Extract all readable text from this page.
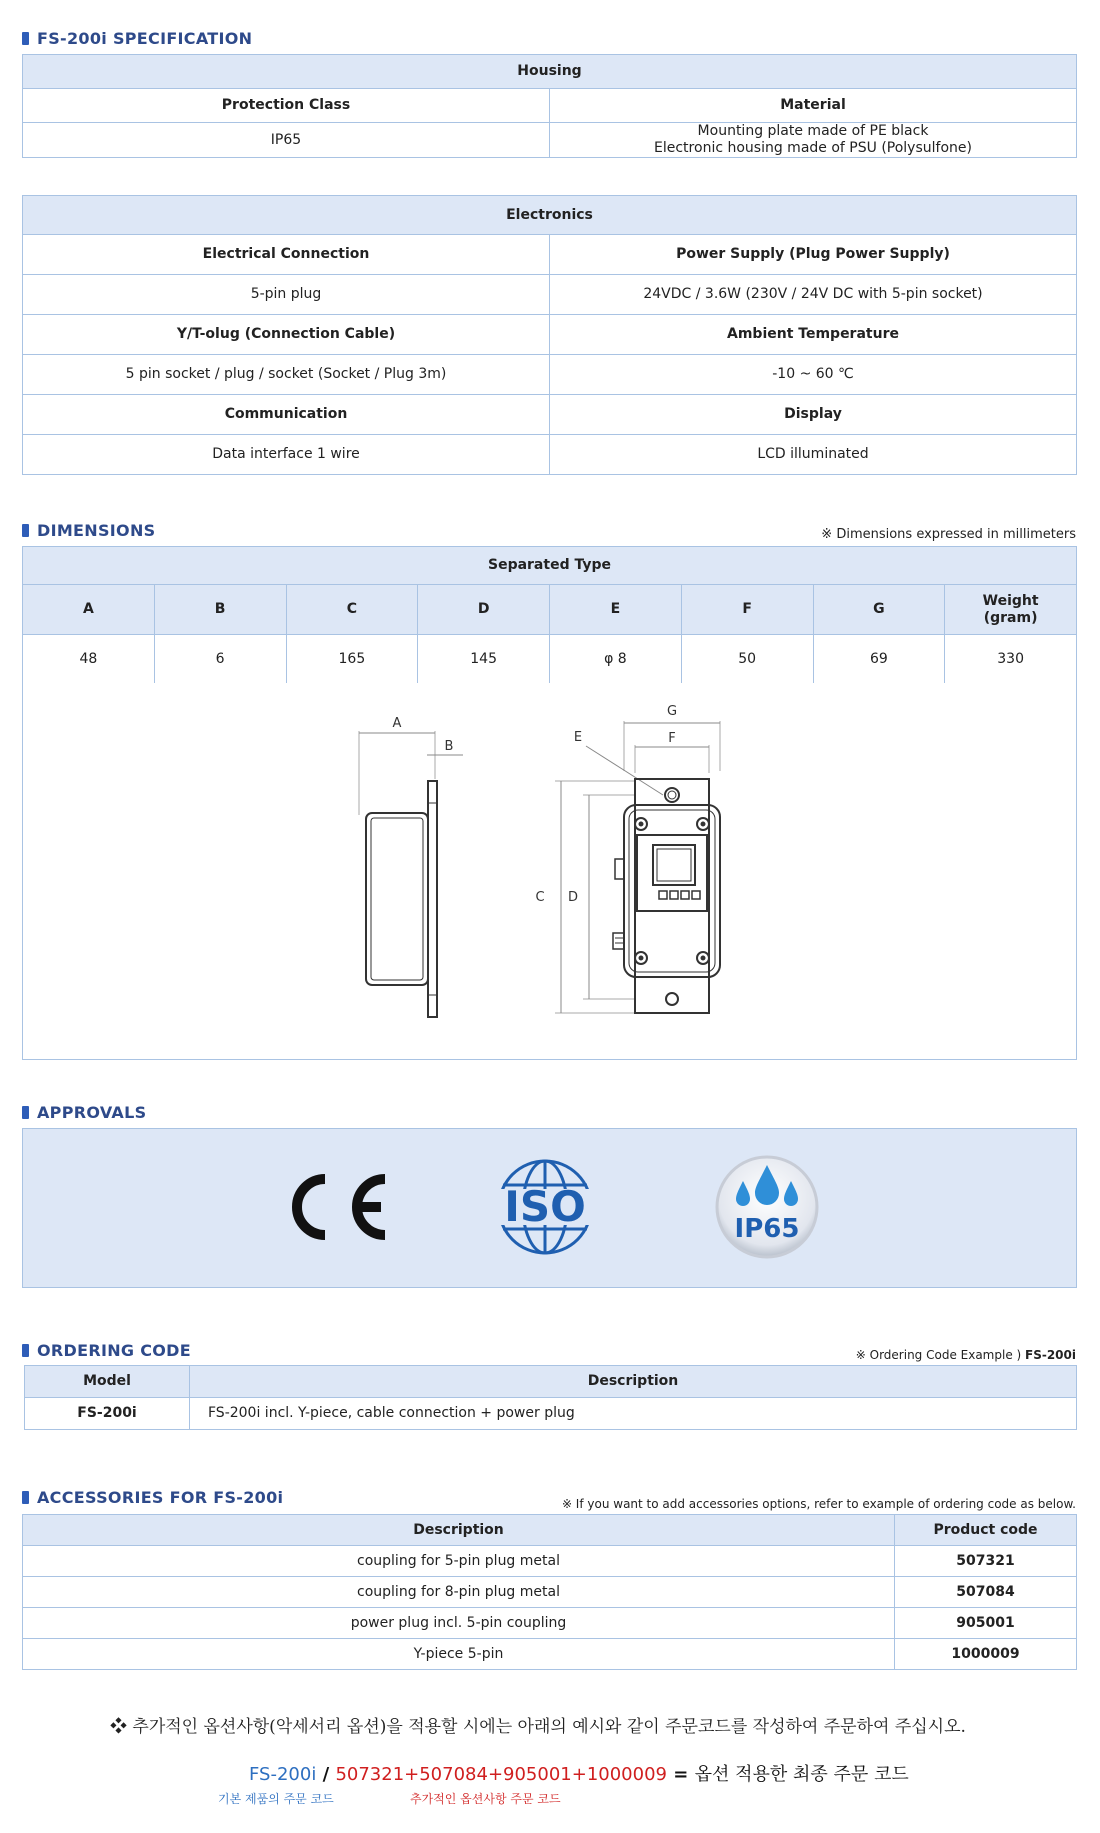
FS-200i SPECIFICATION
Housing	
Protection Class	Material
IP65	Mounting plate made of PE black
Electronic housing made of PSU (Polysulfone)
Electronics	
Electrical Connection	Power Supply (Plug Power Supply)
5-pin plug	24VDC / 3.6W (230V / 24V DC with 5-pin socket)
Y/T-olug (Connection Cable)	Ambient Temperature
5 pin socket / plug / socket (Socket / Plug 3m)	-10 ~ 60 ℃
Communication	Display
Data interface 1 wire	LCD illuminated
DIMENSIONS	※ Dimensions expressed in millimeters
Separated Type							
A	B	C	D	E	F	G	Weight
(gram)

48	6	165	145	φ 8	50	69	330
A
B
G
F
E
C D
APPROVALS
ISO	IP65
ORDERING CODE	※ Ordering Code Example ) FS-200i
Model	Description
FS-200i	FS-200i incl. Y-piece, cable connection + power plug
ACCESSORIES FOR FS-200i	※ If you want to add accessories options, refer to example of ordering code as below.
Description	Product code
coupling for 5-pin plug metal	507321
coupling for 8-pin plug metal	507084
power plug incl. 5-pin coupling	905001
Y-piece 5-pin	1000009
❖ 추가적인 옵션사항(악세서리 옵션)을 적용할 시에는 아래의 예시와 같이 주문코드를 작성하여 주문하여 주십시오.
FS-200i / 507321+507084+905001+1000009 = 옵션 적용한 최종 주문 코드
기본 제품의 주문 코드	추가적인 옵션사항 주문 코드
